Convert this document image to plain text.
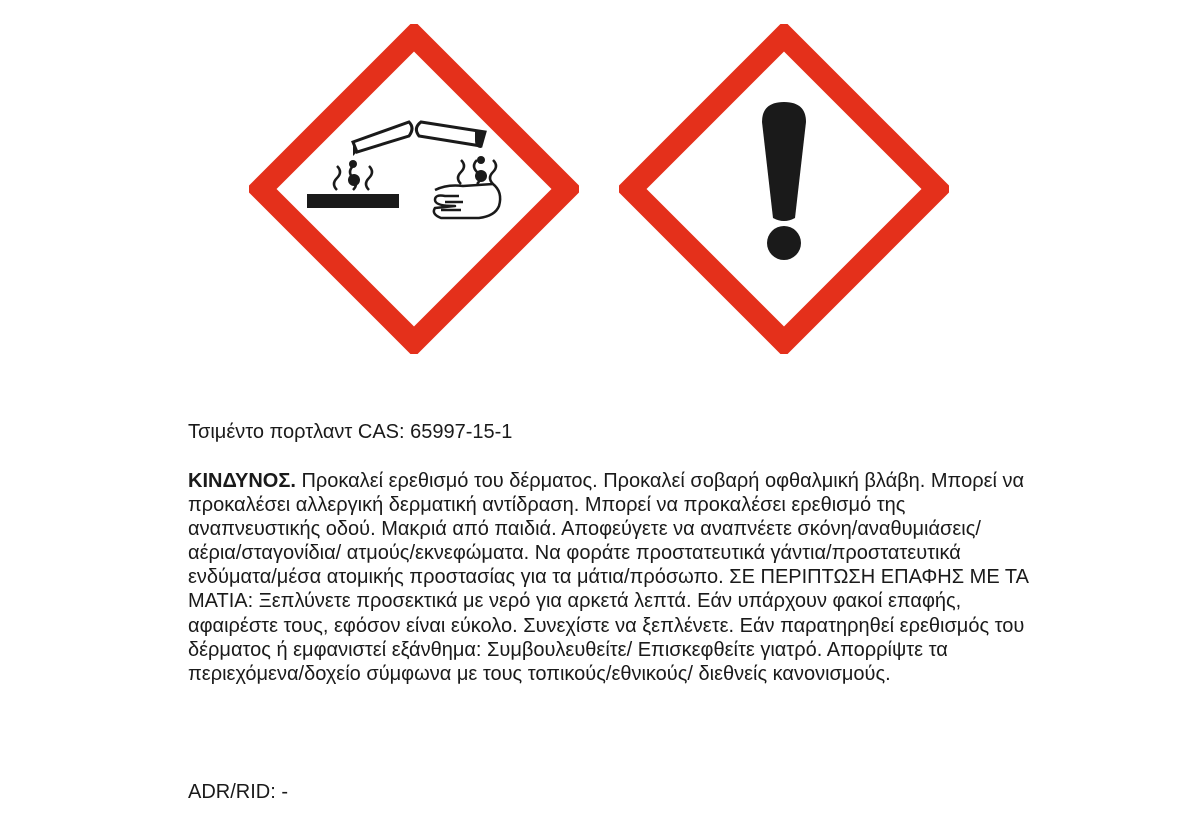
Τσιμέντο πορτλαντ CAS: 65997-15-1

ΚΙΝΔΥΝΟΣ. Προκαλεί ερεθισμό του δέρματος. Προκαλεί σοβαρή οφθαλμική βλάβη. Μπορεί να προκαλέσει αλλεργική δερματική αντίδραση. Μπορεί να προκαλέσει ερεθισμό της αναπνευστικής οδού. Μακριά από παιδιά. Αποφεύγετε να αναπνέετε σκόνη/αναθυμιάσεις/αέρια/σταγονίδια/ ατμούς/εκνεφώματα. Να φοράτε προστατευτικά γάντια/προστατευτικά ενδύματα/μέσα ατομικής προστασίας για τα μάτια/πρόσωπο. ΣΕ ΠΕΡΙΠΤΩΣΗ ΕΠΑΦΗΣ ΜΕ ΤΑ ΜΑΤΙΑ: Ξεπλύνετε προσεκτικά με νερό για αρκετά λεπτά. Εάν υπάρχουν φακοί επαφής, αφαιρέστε τους, εφόσον είναι εύκολο. Συνεχίστε να ξεπλένετε. Εάν παρατηρηθεί ερεθισμός του δέρματος ή εμφανιστεί εξάνθημα: Συμβουλευθείτε/ Επισκεφθείτε γιατρό. Απορρίψτε τα περιεχόμενα/δοχείο σύμφωνα με τους τοπικούς/εθνικούς/ διεθνείς κανονισμούς.

ADR/RID: -
